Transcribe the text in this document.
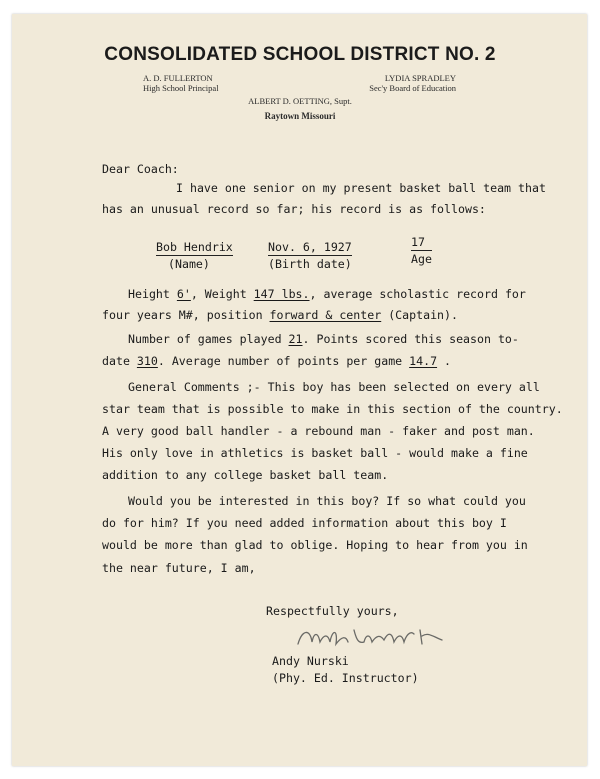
CONSOLIDATED SCHOOL DISTRICT NO. 2
A. D. FULLERTON
High School Principal
LYDIA SPRADLEY
Sec'y Board of Education
ALBERT D. OETTING, Supt.
Raytown Missouri
Dear Coach:
I have one senior on my present basket ball team that
has an unusual record so far; his record is as follows:
Bob Hendrix
(Name)
Nov. 6, 1927
(Birth date)
17
Age
Height 6', Weight 147 lbs., average scholastic record for
four years M#, position forward & center (Captain).
Number of games played 21. Points scored this season to-
date 310. Average number of points per game 14.7 .
General Comments ;- This boy has been selected on every all
star team that is possible to make in this section of the country.
A very good ball handler - a rebound man - faker and post man.
His only love in athletics is basket ball - would make a fine
addition to any college basket ball team.
Would you be interested in this boy? If so what could you
do for him? If you need added information about this boy I
would be more than glad to oblige. Hoping to hear from you in
the near future, I am,
Respectfully yours,
Andy Nurski
(Phy. Ed. Instructor)
